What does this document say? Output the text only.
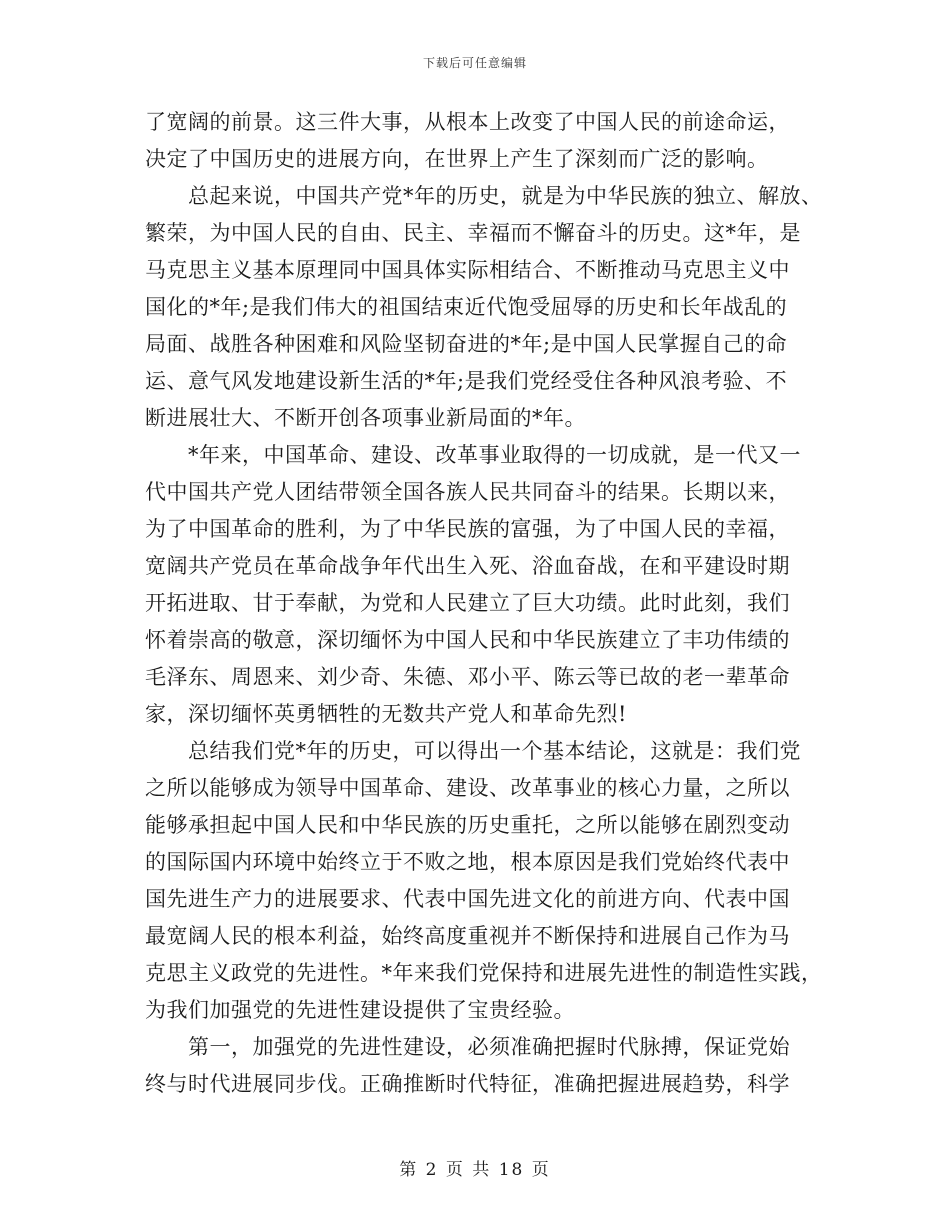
下载后可任意编辑
了宽阔的前景。这三件大事，从根本上改变了中国人民的前途命运，
决定了中国历史的进展方向，在世界上产生了深刻而广泛的影响。
总起来说，中国共产党*年的历史，就是为中华民族的独立、解放、
繁荣，为中国人民的自由、民主、幸福而不懈奋斗的历史。这*年，是
马克思主义基本原理同中国具体实际相结合、不断推动马克思主义中
国化的*年;是我们伟大的祖国结束近代饱受屈辱的历史和长年战乱的
局面、战胜各种困难和风险坚韧奋进的*年;是中国人民掌握自己的命
运、意气风发地建设新生活的*年;是我们党经受住各种风浪考验、不
断进展壮大、不断开创各项事业新局面的*年。
*年来，中国革命、建设、改革事业取得的一切成就，是一代又一
代中国共产党人团结带领全国各族人民共同奋斗的结果。长期以来，
为了中国革命的胜利，为了中华民族的富强，为了中国人民的幸福，
宽阔共产党员在革命战争年代出生入死、浴血奋战，在和平建设时期
开拓进取、甘于奉献，为党和人民建立了巨大功绩。此时此刻，我们
怀着崇高的敬意，深切缅怀为中国人民和中华民族建立了丰功伟绩的
毛泽东、周恩来、刘少奇、朱德、邓小平、陈云等已故的老一辈革命
家，深切缅怀英勇牺牲的无数共产党人和革命先烈!
总结我们党*年的历史，可以得出一个基本结论，这就是：我们党
之所以能够成为领导中国革命、建设、改革事业的核心力量，之所以
能够承担起中国人民和中华民族的历史重托，之所以能够在剧烈变动
的国际国内环境中始终立于不败之地，根本原因是我们党始终代表中
国先进生产力的进展要求、代表中国先进文化的前进方向、代表中国
最宽阔人民的根本利益，始终高度重视并不断保持和进展自己作为马
克思主义政党的先进性。*年来我们党保持和进展先进性的制造性实践，
为我们加强党的先进性建设提供了宝贵经验。
第一，加强党的先进性建设，必须准确把握时代脉搏，保证党始
终与时代进展同步伐。正确推断时代特征，准确把握进展趋势，科学
第 2 页 共 18 页
